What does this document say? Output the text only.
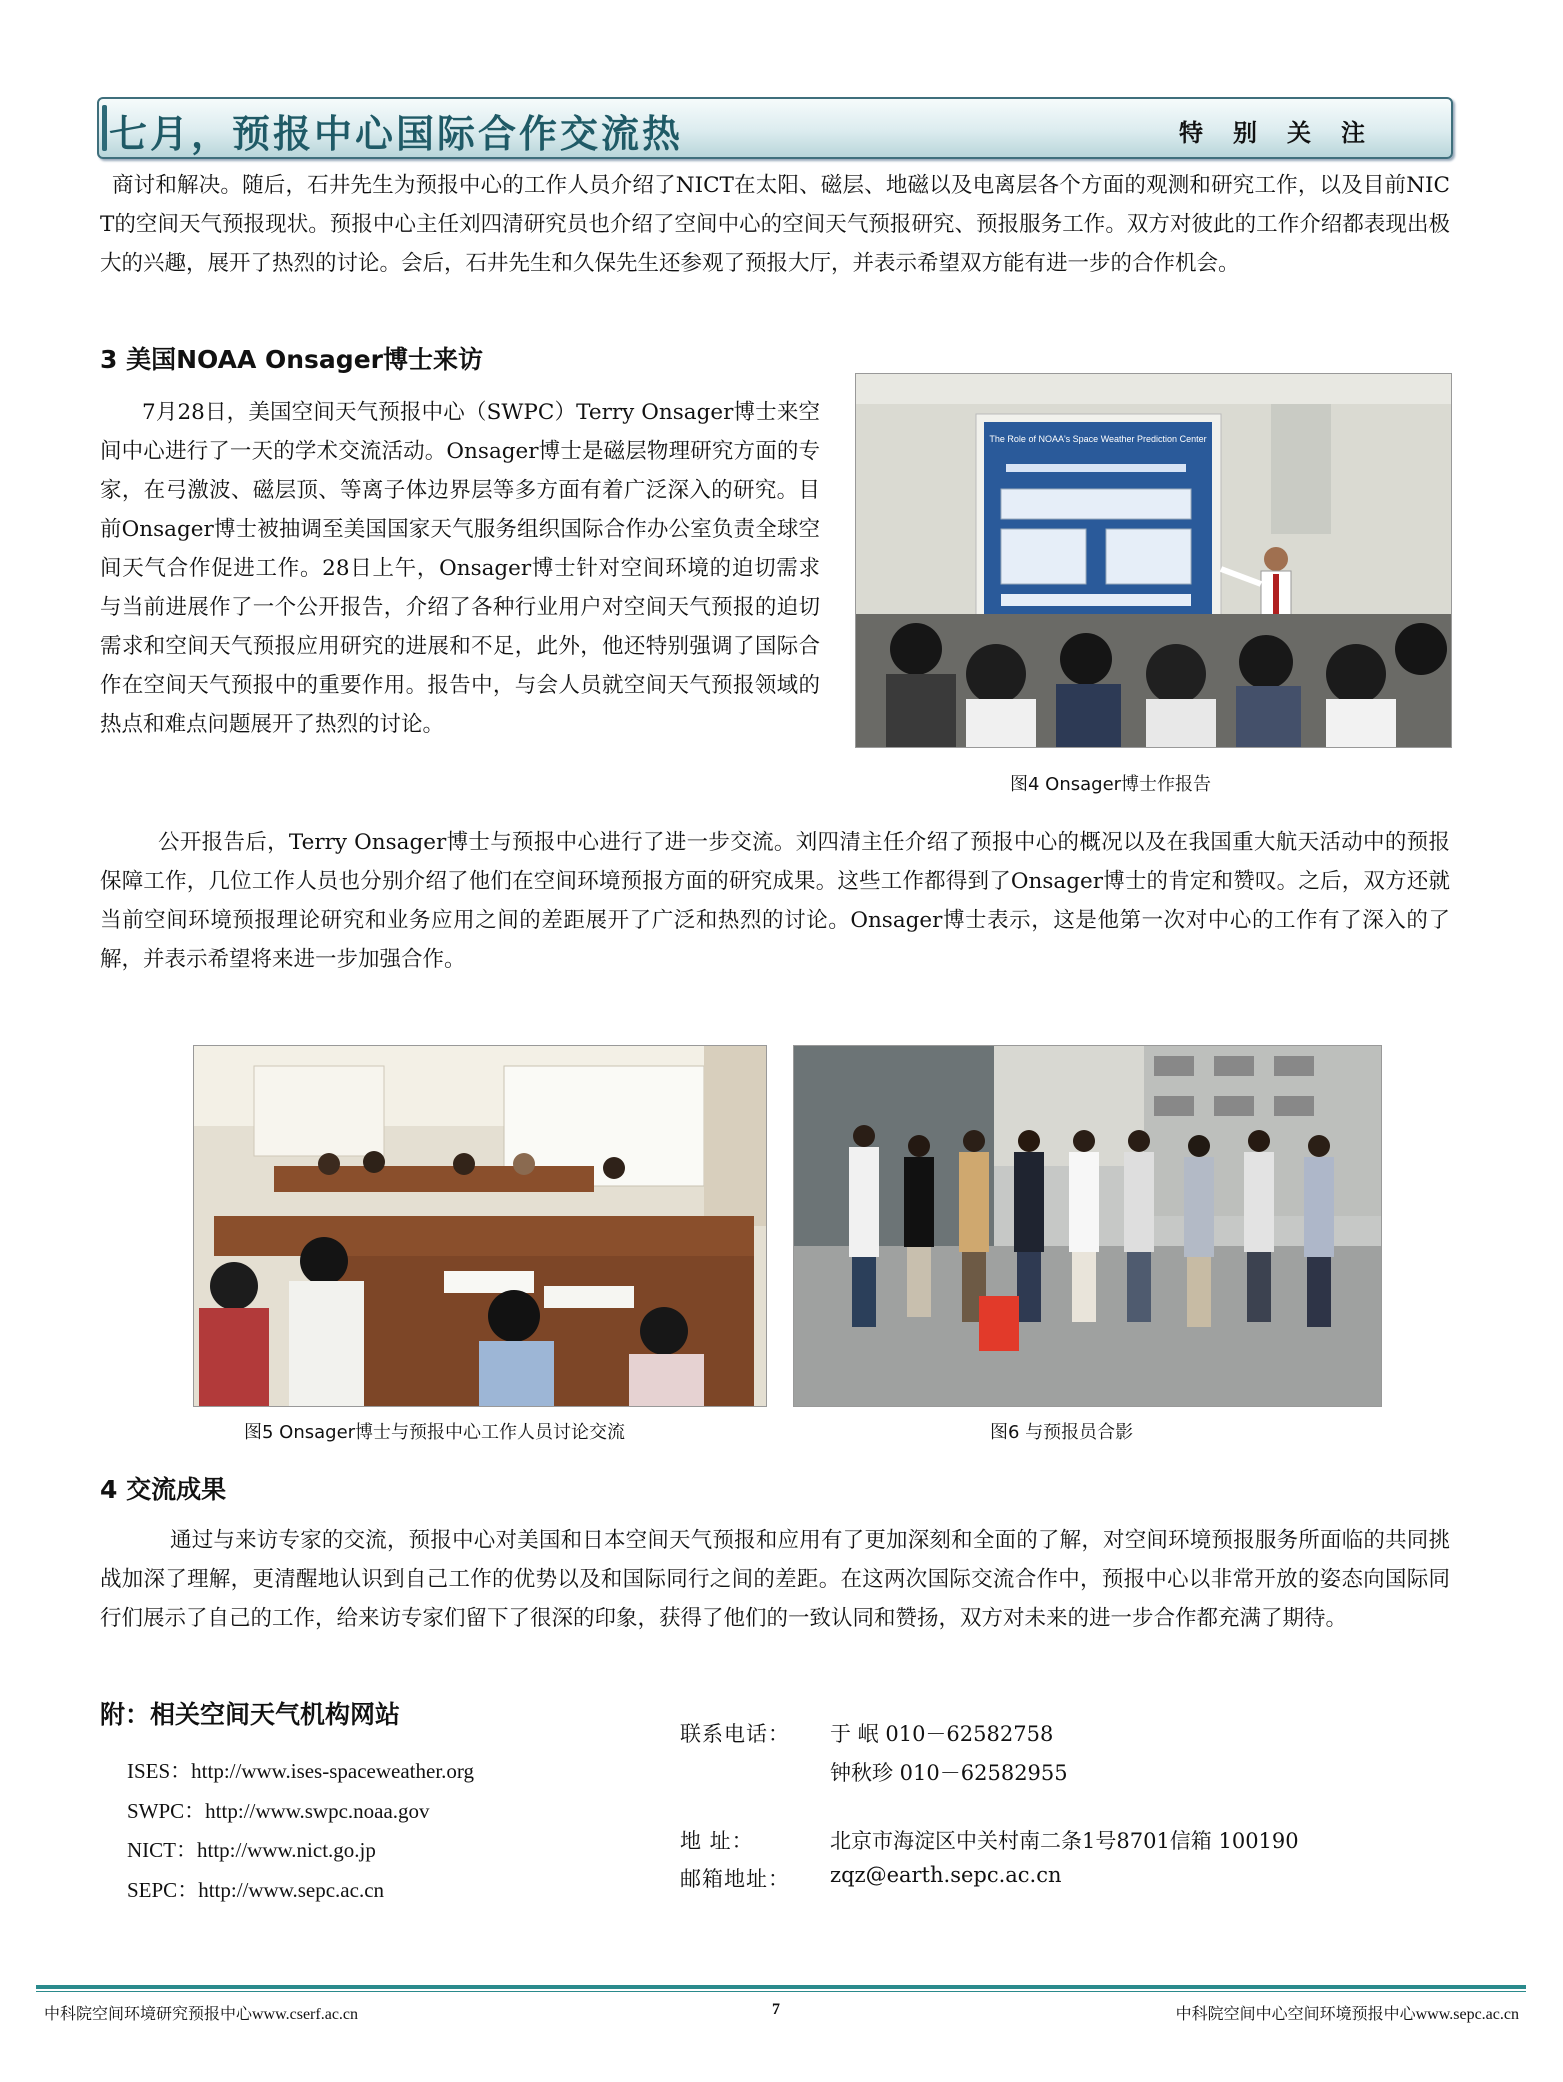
七月，预报中心国际合作交流热	特别关注

商讨和解决。随后，石井先生为预报中心的工作人员介绍了NICT在太阳、磁层、地磁以及电离层各个方面的观测和研究工作，以及目前NICT的空间天气预报现状。预报中心主任刘四清研究员也介绍了空间中心的空间天气预报研究、预报服务工作。双方对彼此的工作介绍都表现出极大的兴趣，展开了热烈的讨论。会后，石井先生和久保先生还参观了预报大厅，并表示希望双方能有进一步的合作机会。

3 美国NOAA Onsager博士来访

7月28日，美国空间天气预报中心（SWPC）Terry Onsager博士来空间中心进行了一天的学术交流活动。Onsager博士是磁层物理研究方面的专家，在弓激波、磁层顶、等离子体边界层等多方面有着广泛深入的研究。目前Onsager博士被抽调至美国国家天气服务组织国际合作办公室负责全球空间天气合作促进工作。28日上午，Onsager博士针对空间环境的迫切需求与当前进展作了一个公开报告，介绍了各种行业用户对空间天气预报的迫切需求和空间天气预报应用研究的进展和不足，此外，他还特别强调了国际合作在空间天气预报中的重要作用。报告中，与会人员就空间天气预报领域的热点和难点问题展开了热烈的讨论。

The Role of NOAA's Space Weather Prediction Center
图4 Onsager博士作报告

公开报告后，Terry Onsager博士与预报中心进行了进一步交流。刘四清主任介绍了预报中心的概况以及在我国重大航天活动中的预报保障工作，几位工作人员也分别介绍了他们在空间环境预报方面的研究成果。这些工作都得到了Onsager博士的肯定和赞叹。之后，双方还就当前空间环境预报理论研究和业务应用之间的差距展开了广泛和热烈的讨论。Onsager博士表示，这是他第一次对中心的工作有了深入的了解，并表示希望将来进一步加强合作。

图5 Onsager博士与预报中心工作人员讨论交流	图6 与预报员合影
4 交流成果

通过与来访专家的交流，预报中心对美国和日本空间天气预报和应用有了更加深刻和全面的了解，对空间环境预报服务所面临的共同挑战加深了理解，更清醒地认识到自己工作的优势以及和国际同行之间的差距。在这两次国际交流合作中，预报中心以非常开放的姿态向国际同行们展示了自己的工作，给来访专家们留下了很深的印象，获得了他们的一致认同和赞扬，双方对未来的进一步合作都充满了期待。

附：相关空间天气机构网站
ISES：http://www.ises-spaceweather.org
SWPC：http://www.swpc.noaa.gov
NICT：http://www.nict.go.jp
SEPC：http://www.sepc.ac.cn
联系电话： 于 岷 010－62582758
钟秋珍 010－62582955
地 址：	北京市海淀区中关村南二条1号8701信箱 100190
邮箱地址： zqz@earth.sepc.ac.cn
中科院空间环境研究预报中心www.cserf.ac.cn	7	中科院空间中心空间环境预报中心www.sepc.ac.cn
